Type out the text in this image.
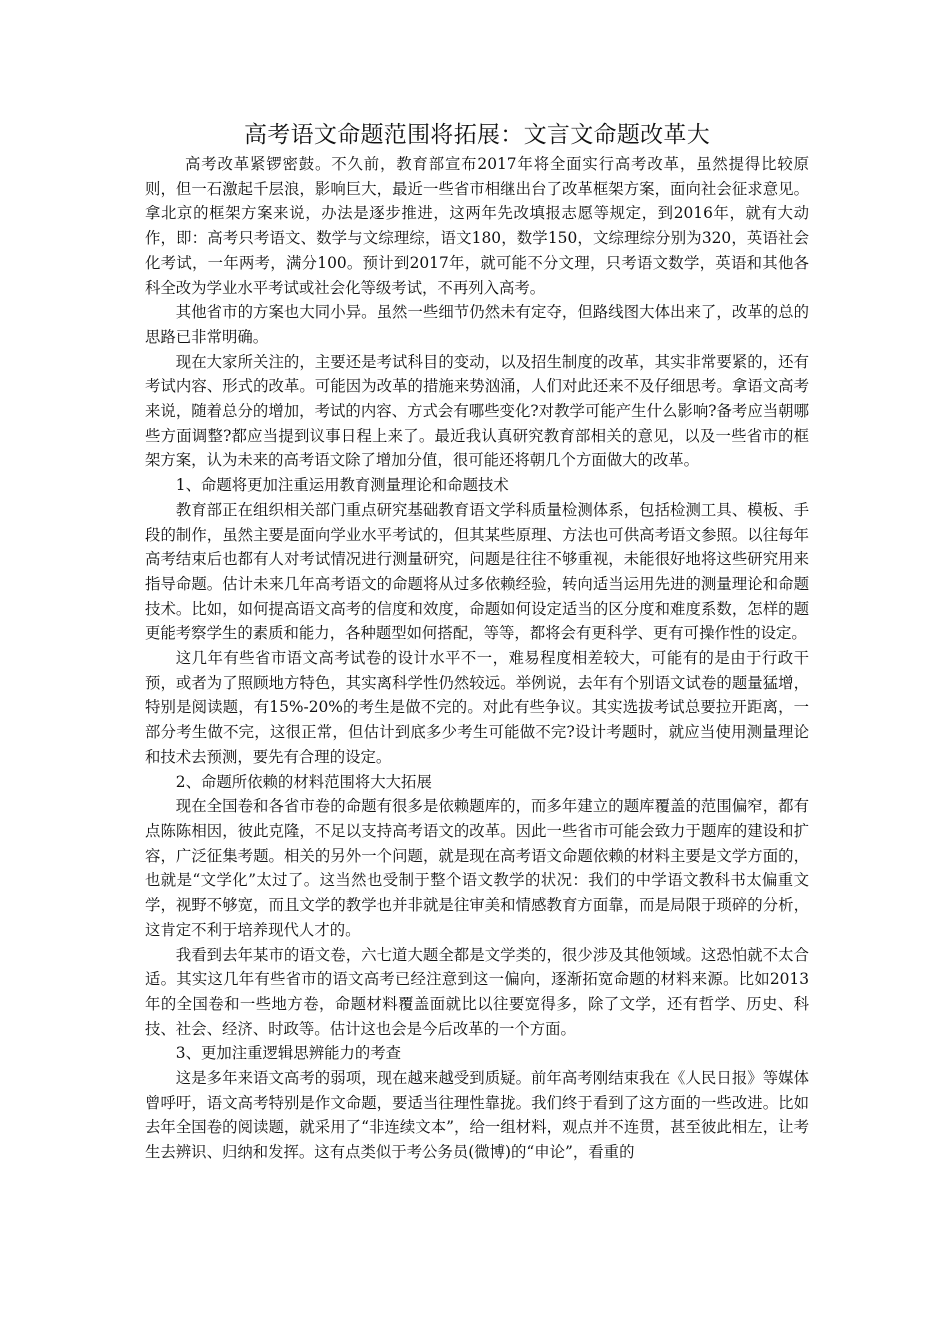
高考语文命题范围将拓展：文言文命题改革大

高考改革紧锣密鼓。不久前，教育部宣布2017年将全面实行高考改革，虽然提得比较原则，但一石激起千层浪，影响巨大，最近一些省市相继出台了改革框架方案，面向社会征求意见。拿北京的框架方案来说，办法是逐步推进，这两年先改填报志愿等规定，到2016年，就有大动作，即：高考只考语文、数学与文综理综，语文180，数学150，文综理综分别为320，英语社会化考试，一年两考，满分100。预计到2017年，就可能不分文理，只考语文数学，英语和其他各科全改为学业水平考试或社会化等级考试，不再列入高考。

其他省市的方案也大同小异。虽然一些细节仍然未有定夺，但路线图大体出来了，改革的总的思路已非常明确。

现在大家所关注的，主要还是考试科目的变动，以及招生制度的改革，其实非常要紧的，还有考试内容、形式的改革。可能因为改革的措施来势汹涌，人们对此还来不及仔细思考。拿语文高考来说，随着总分的增加，考试的内容、方式会有哪些变化?对教学可能产生什么影响?备考应当朝哪些方面调整?都应当提到议事日程上来了。最近我认真研究教育部相关的意见，以及一些省市的框架方案，认为未来的高考语文除了增加分值，很可能还将朝几个方面做大的改革。

1、命题将更加注重运用教育测量理论和命题技术

教育部正在组织相关部门重点研究基础教育语文学科质量检测体系，包括检测工具、模板、手段的制作，虽然主要是面向学业水平考试的，但其某些原理、方法也可供高考语文参照。以往每年高考结束后也都有人对考试情况进行测量研究，问题是往往不够重视，未能很好地将这些研究用来指导命题。估计未来几年高考语文的命题将从过多依赖经验，转向适当运用先进的测量理论和命题技术。比如，如何提高语文高考的信度和效度，命题如何设定适当的区分度和难度系数，怎样的题更能考察学生的素质和能力，各种题型如何搭配，等等，都将会有更科学、更有可操作性的设定。

这几年有些省市语文高考试卷的设计水平不一，难易程度相差较大，可能有的是由于行政干预，或者为了照顾地方特色，其实离科学性仍然较远。举例说，去年有个别语文试卷的题量猛增，特别是阅读题，有15%-20%的考生是做不完的。对此有些争议。其实选拔考试总要拉开距离，一部分考生做不完，这很正常，但估计到底多少考生可能做不完?设计考题时，就应当使用测量理论和技术去预测，要先有合理的设定。

2、命题所依赖的材料范围将大大拓展

现在全国卷和各省市卷的命题有很多是依赖题库的，而多年建立的题库覆盖的范围偏窄，都有点陈陈相因，彼此克隆，不足以支持高考语文的改革。因此一些省市可能会致力于题库的建设和扩容，广泛征集考题。相关的另外一个问题，就是现在高考语文命题依赖的材料主要是文学方面的，也就是“文学化”太过了。这当然也受制于整个语文教学的状况：我们的中学语文教科书太偏重文学，视野不够宽，而且文学的教学也并非就是往审美和情感教育方面靠，而是局限于琐碎的分析，这肯定不利于培养现代人才的。

我看到去年某市的语文卷，六七道大题全都是文学类的，很少涉及其他领域。这恐怕就不太合适。其实这几年有些省市的语文高考已经注意到这一偏向，逐渐拓宽命题的材料来源。比如2013年的全国卷和一些地方卷，命题材料覆盖面就比以往要宽得多，除了文学，还有哲学、历史、科技、社会、经济、时政等。估计这也会是今后改革的一个方面。

3、更加注重逻辑思辨能力的考查

这是多年来语文高考的弱项，现在越来越受到质疑。前年高考刚结束我在《人民日报》等媒体曾呼吁，语文高考特别是作文命题，要适当往理性靠拢。我们终于看到了这方面的一些改进。比如去年全国卷的阅读题，就采用了“非连续文本”，给一组材料，观点并不连贯，甚至彼此相左，让考生去辨识、归纳和发挥。这有点类似于考公务员(微博)的“申论”，看重的
